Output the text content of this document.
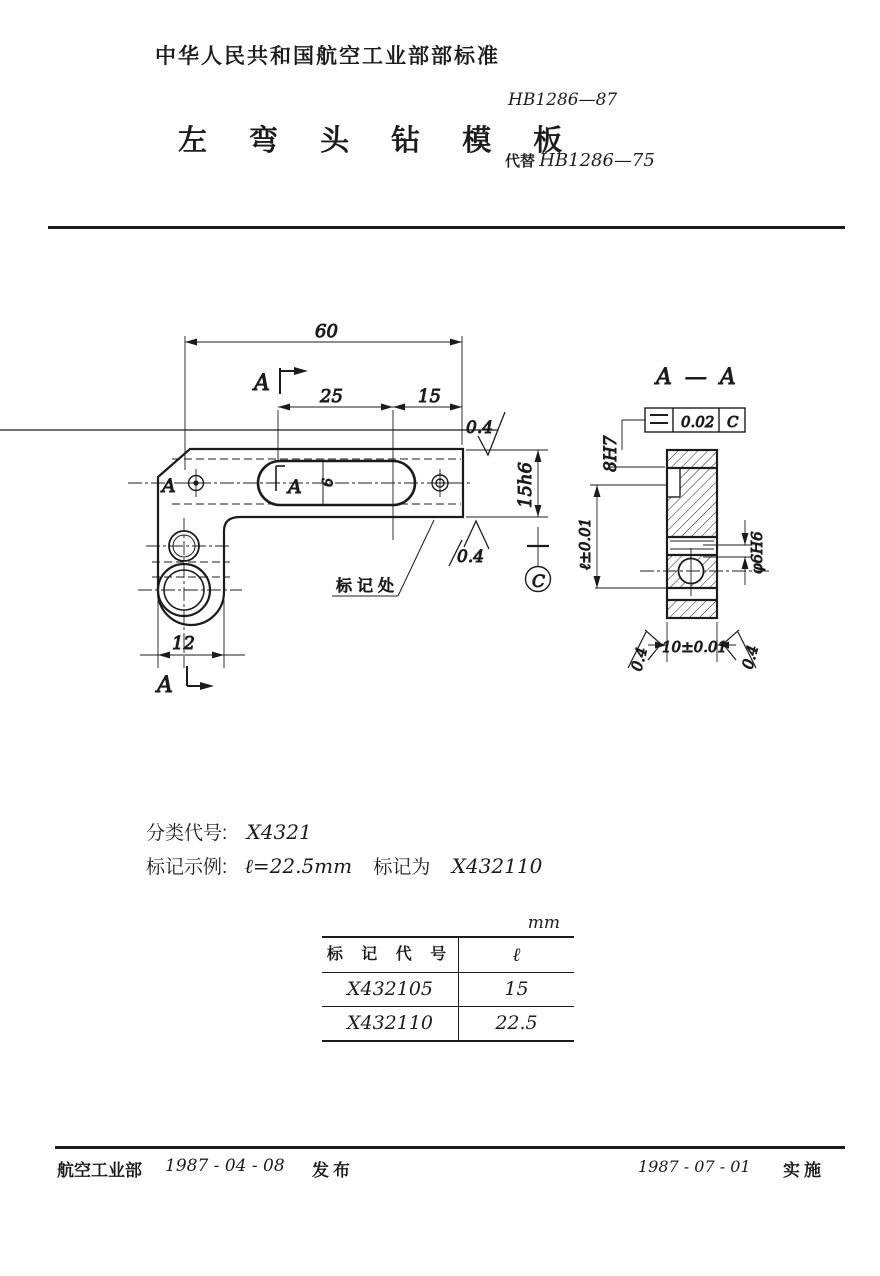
中华人民共和国航空工业部部标准
HB1286—87
左 弯 头 钻 模 板
代替 HB1286—75
60
25	15
12
15h6
C
0.4
0.4
A
A
A	A 9
标记处
A — A
0.02 C
8H7
ℓ±0.01	φ6H6
10±0.01
0.4	0.4
分类代号: X4321
标记示例: ℓ=22.5mm 标记为 X432110
mm
标 记 代 号	ℓ
X432105	15
X432110	22.5
航空工业部 1987 - 04 - 08 发布	1987 - 07 - 01 实施
